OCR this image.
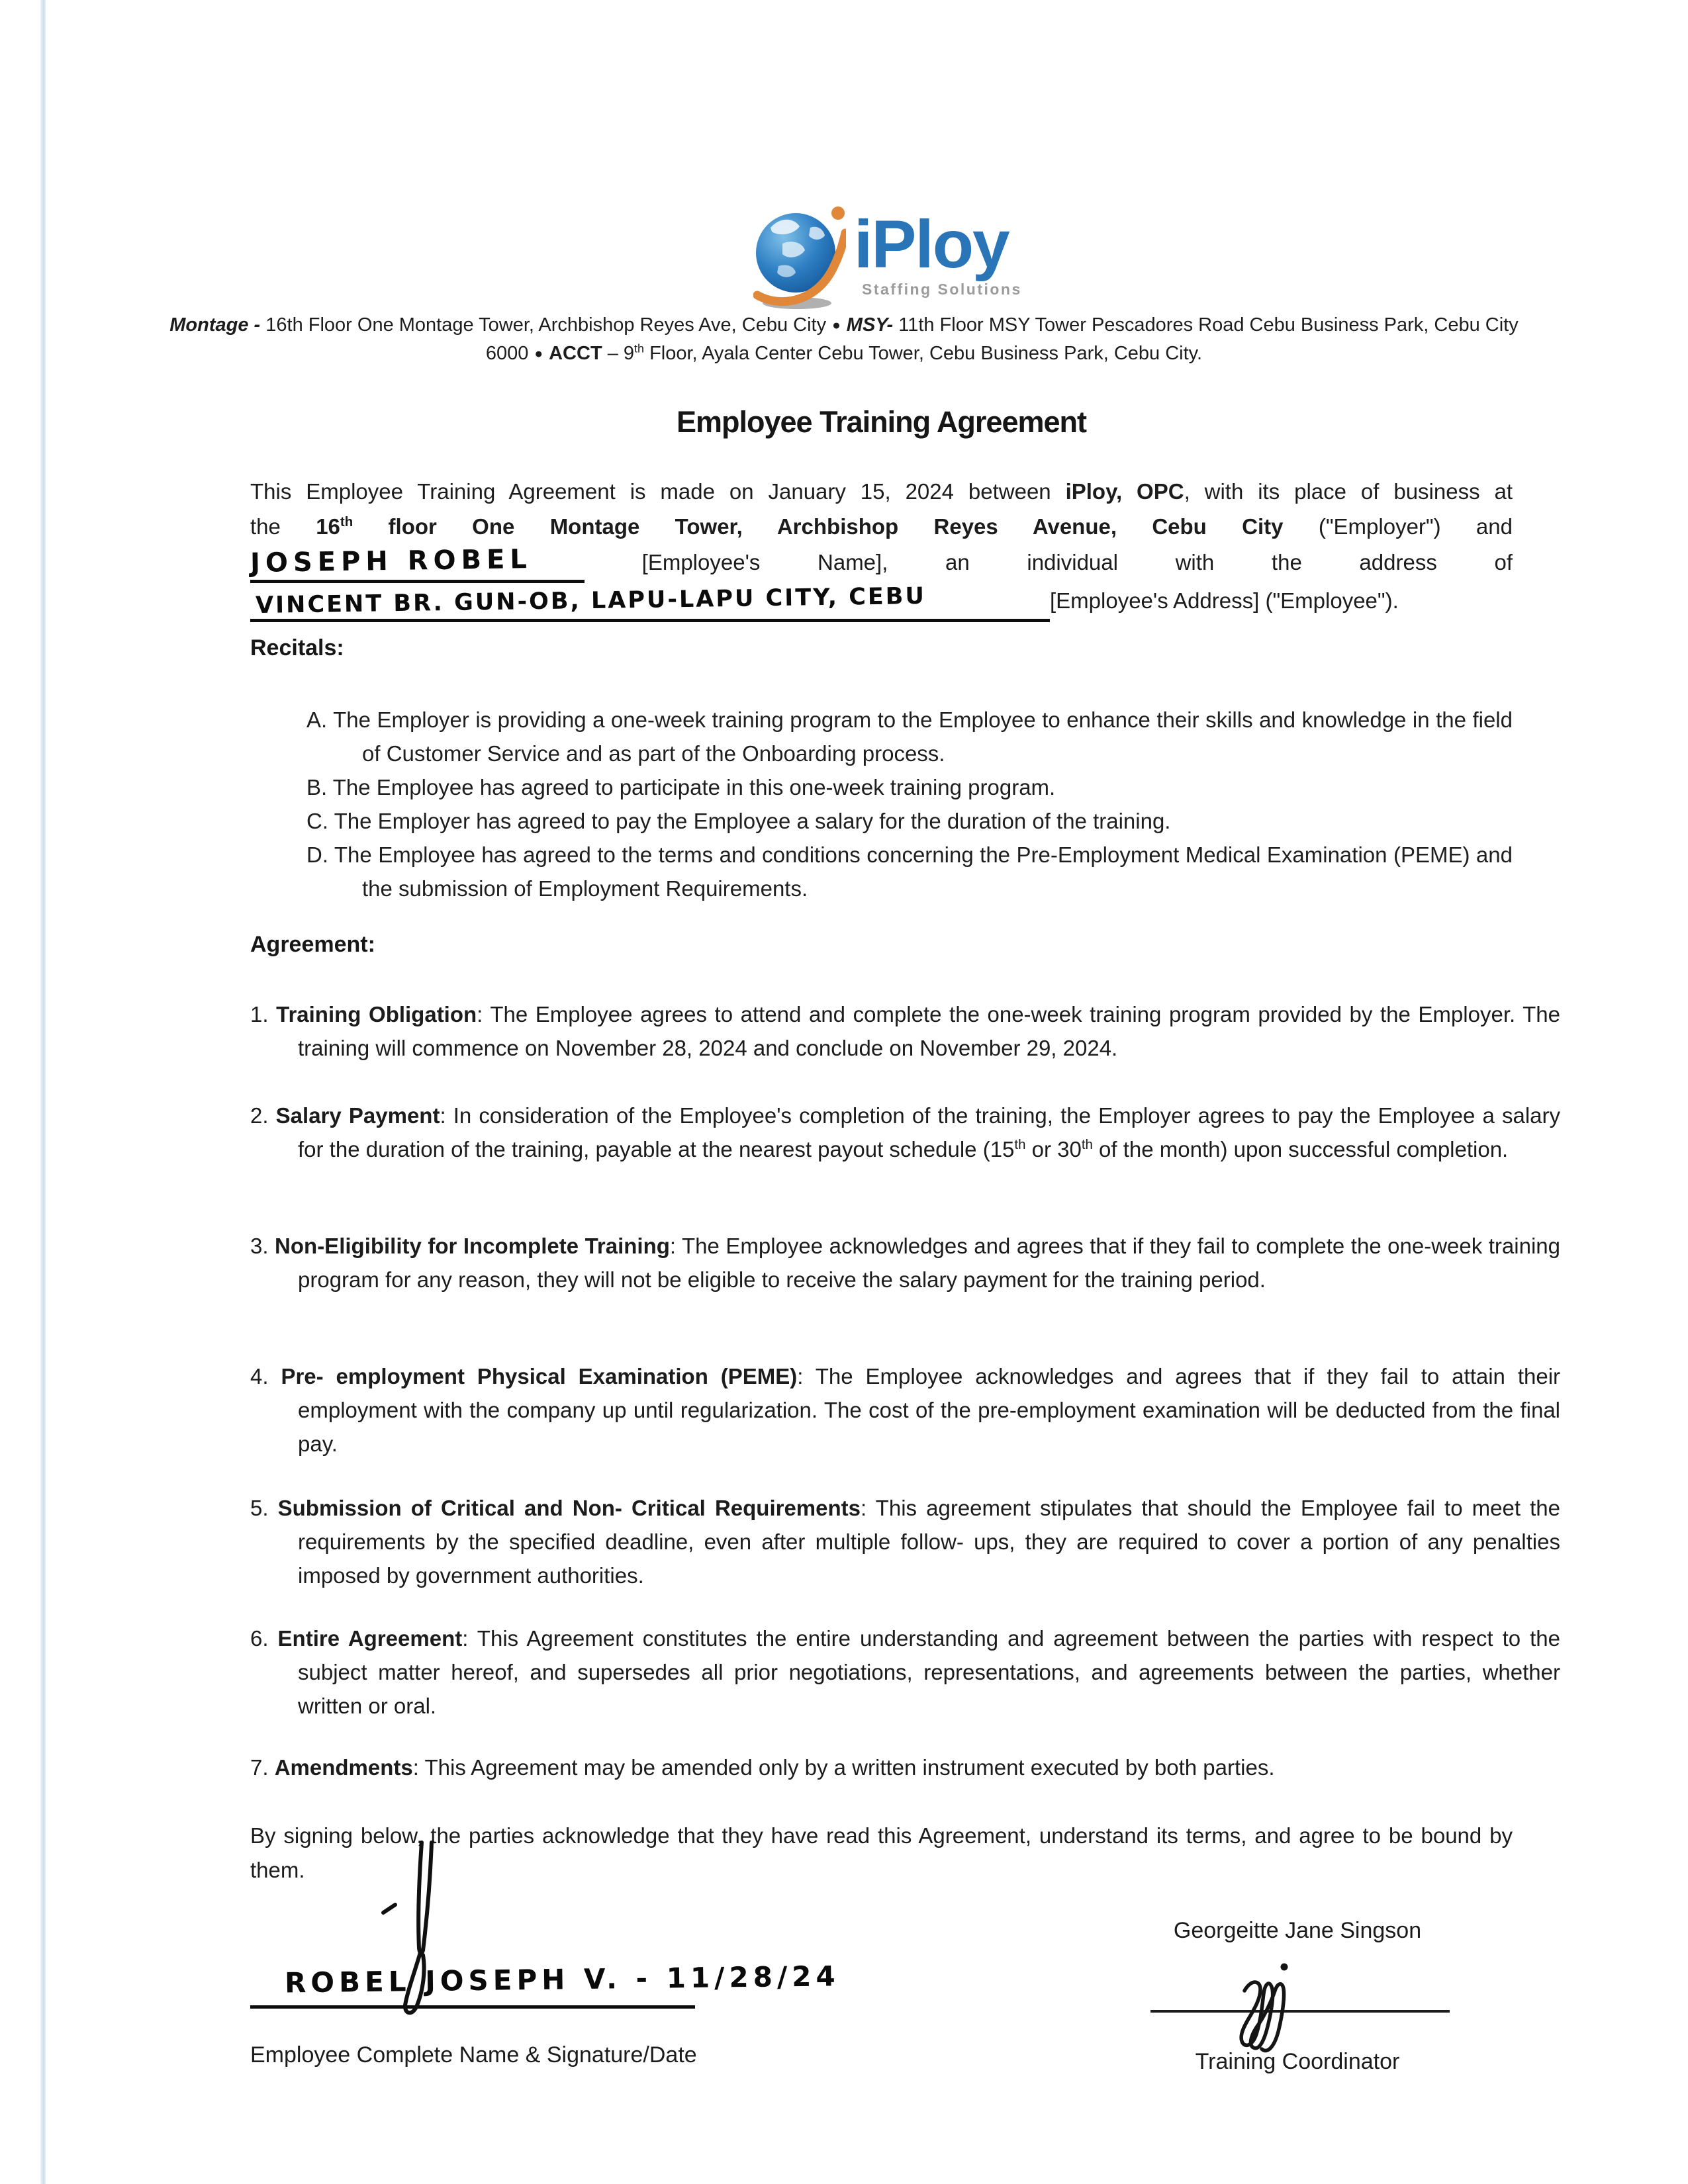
iPloy
Staffing Solutions
Montage - 16th Floor One Montage Tower, Archbishop Reyes Ave, Cebu City ● MSY- 11th Floor MSY Tower Pescadores Road Cebu Business Park, Cebu City
6000 ● ACCT – 9th Floor, Ayala Center Cebu Tower, Cebu Business Park, Cebu City.
Employee Training Agreement
This Employee Training Agreement is made on January 15, 2024 between iPloy, OPC, with its place of business at
the 16th floor One Montage Tower, Archbishop Reyes Avenue, Cebu City ("Employer") and
JOSEPH ROBEL	[Employee's Name], an individual with the address of
VINCENT BR. GUN-OB, LAPU-LAPU CITY, CEBU	[Employee's Address] ("Employee").
Recitals:
A. The Employer is providing a one-week training program to the Employee to enhance their skills and knowledge in the field of Customer Service and as part of the Onboarding process.
B. The Employee has agreed to participate in this one-week training program.
C. The Employer has agreed to pay the Employee a salary for the duration of the training.
D. The Employee has agreed to the terms and conditions concerning the Pre-Employment Medical Examination (PEME) and the submission of Employment Requirements.
Agreement:
1. Training Obligation: The Employee agrees to attend and complete the one-week training program provided by the Employer. The training will commence on November 28, 2024 and conclude on November 29, 2024.
2. Salary Payment: In consideration of the Employee's completion of the training, the Employer agrees to pay the Employee a salary for the duration of the training, payable at the nearest payout schedule (15th or 30th of the month) upon successful completion.
3. Non-Eligibility for Incomplete Training: The Employee acknowledges and agrees that if they fail to complete the one-week training program for any reason, they will not be eligible to receive the salary payment for the training period.
4. Pre- employment Physical Examination (PEME): The Employee acknowledges and agrees that if they fail to attain their employment with the company up until regularization. The cost of the pre-employment examination will be deducted from the final pay.
5. Submission of Critical and Non- Critical Requirements: This agreement stipulates that should the Employee fail to meet the requirements by the specified deadline, even after multiple follow- ups, they are required to cover a portion of any penalties imposed by government authorities.
6. Entire Agreement: This Agreement constitutes the entire understanding and agreement between the parties with respect to the subject matter hereof, and supersedes all prior negotiations, representations, and agreements between the parties, whether written or oral.
7. Amendments: This Agreement may be amended only by a written instrument executed by both parties.
By signing below, the parties acknowledge that they have read this Agreement, understand its terms, and agree to be bound by them.
ROBEL JOSEPH V. - 11/28/24
Employee Complete Name & Signature/Date
Georgeitte Jane Singson
Training Coordinator
